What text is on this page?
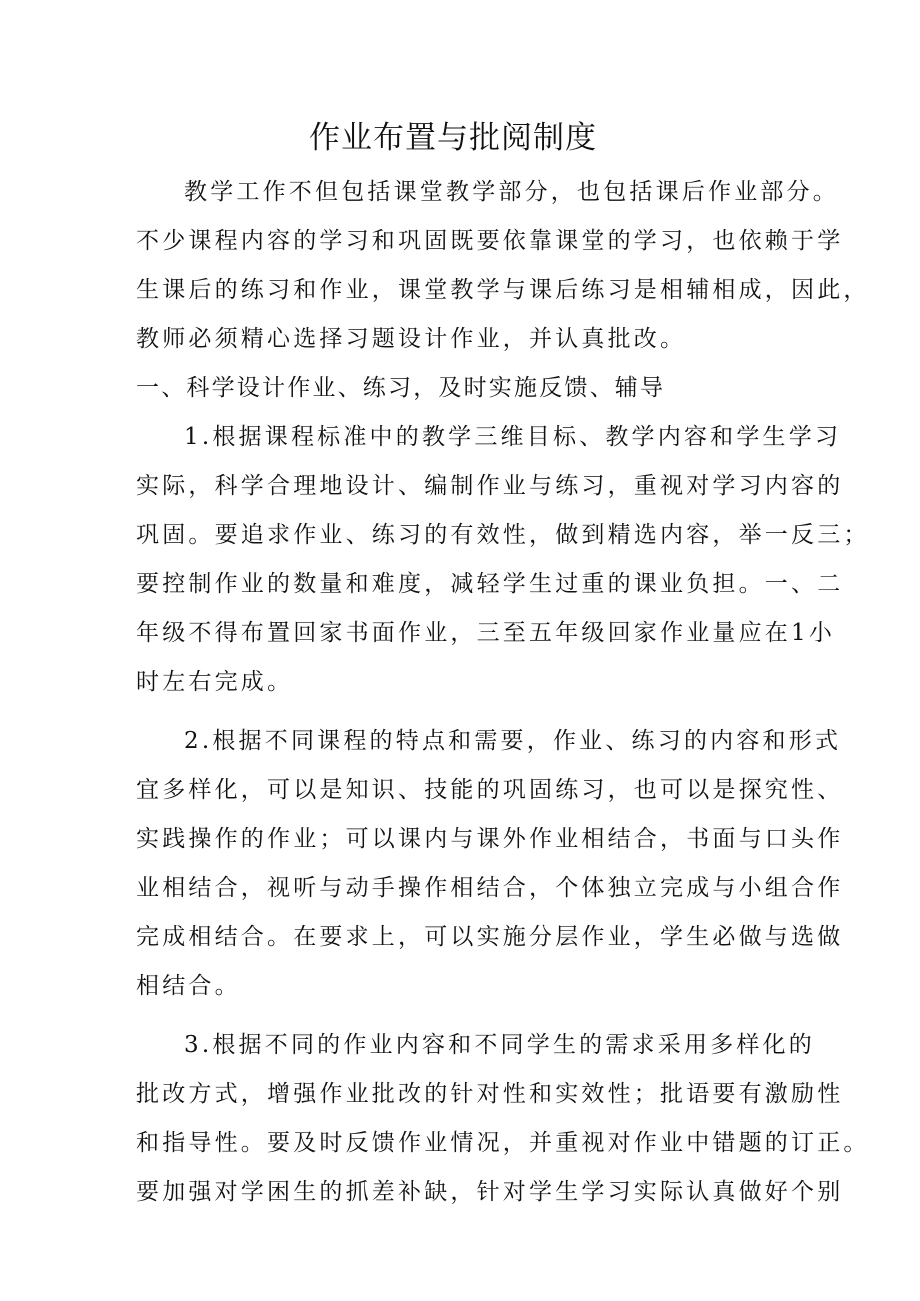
作业布置与批阅制度
教学工作不但包括课堂教学部分，也包括课后作业部分。
不少课程内容的学习和巩固既要依靠课堂的学习，也依赖于学
生课后的练习和作业，课堂教学与课后练习是相辅相成，因此，
教师必须精心选择习题设计作业，并认真批改。
一、科学设计作业、练习，及时实施反馈、辅导
1.根据课程标准中的教学三维目标、教学内容和学生学习
实际，科学合理地设计、编制作业与练习，重视对学习内容的
巩固。要追求作业、练习的有效性，做到精选内容，举一反三；
要控制作业的数量和难度，减轻学生过重的课业负担。一、二
年级不得布置回家书面作业，三至五年级回家作业量应在1小
时左右完成。
2.根据不同课程的特点和需要，作业、练习的内容和形式
宜多样化，可以是知识、技能的巩固练习，也可以是探究性、
实践操作的作业；可以课内与课外作业相结合，书面与口头作
业相结合，视听与动手操作相结合，个体独立完成与小组合作
完成相结合。在要求上，可以实施分层作业，学生必做与选做
相结合。
3.根据不同的作业内容和不同学生的需求采用多样化的
批改方式，增强作业批改的针对性和实效性；批语要有激励性
和指导性。要及时反馈作业情况，并重视对作业中错题的订正。
要加强对学困生的抓差补缺，针对学生学习实际认真做好个别
